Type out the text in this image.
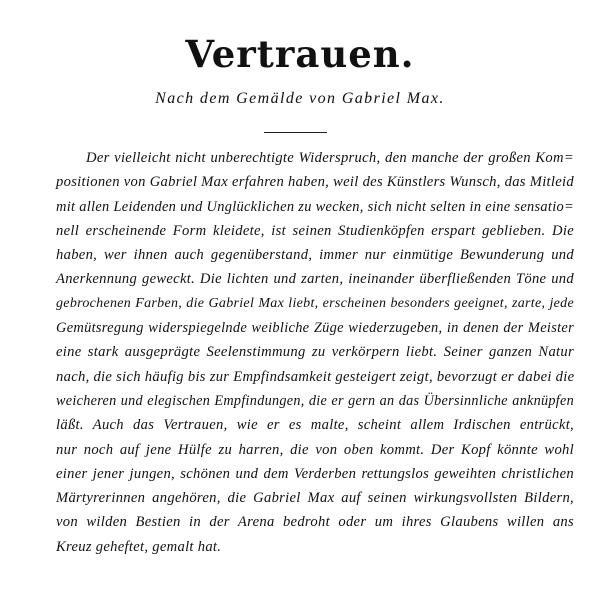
Vertrauen.
Nach dem Gemälde von Gabriel Max.
Der vielleicht nicht unberechtigte Widerspruch, den manche der großen Kom=
positionen von Gabriel Max erfahren haben, weil des Künstlers Wunsch, das Mitleid
mit allen Leidenden und Unglücklichen zu wecken, sich nicht selten in eine sensatio=
nell erscheinende Form kleidete, ist seinen Studienköpfen erspart geblieben. Die
haben, wer ihnen auch gegenüberstand, immer nur einmütige Bewunderung und
Anerkennung geweckt. Die lichten und zarten, ineinander überfließenden Töne und
gebrochenen Farben, die Gabriel Max liebt, erscheinen besonders geeignet, zarte, jede
Gemütsregung widerspiegelnde weibliche Züge wiederzugeben, in denen der Meister
eine stark ausgeprägte Seelenstimmung zu verkörpern liebt. Seiner ganzen Natur
nach, die sich häufig bis zur Empfindsamkeit gesteigert zeigt, bevorzugt er dabei die
weicheren und elegischen Empfindungen, die er gern an das Übersinnliche anknüpfen
läßt. Auch das Vertrauen, wie er es malte, scheint allem Irdischen entrückt,
nur noch auf jene Hülfe zu harren, die von oben kommt. Der Kopf könnte wohl
einer jener jungen, schönen und dem Verderben rettungslos geweihten christlichen
Märtyrerinnen angehören, die Gabriel Max auf seinen wirkungsvollsten Bildern,
von wilden Bestien in der Arena bedroht oder um ihres Glaubens willen ans
Kreuz geheftet, gemalt hat.
